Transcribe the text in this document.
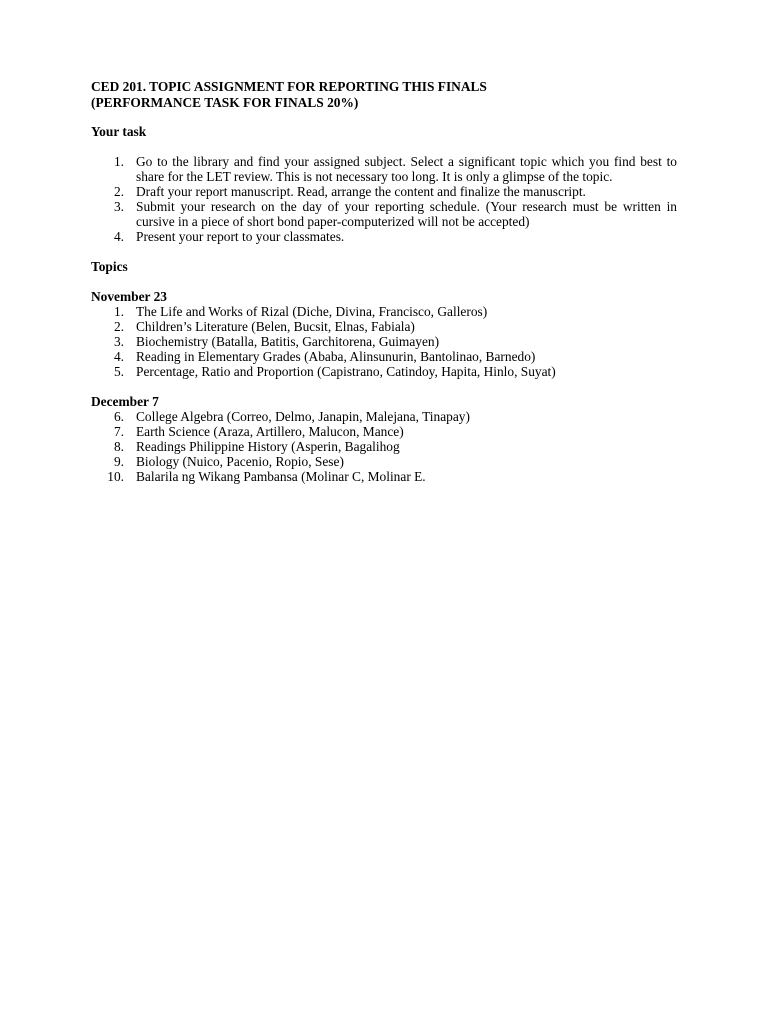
CED 201. TOPIC ASSIGNMENT FOR REPORTING THIS FINALS

(PERFORMANCE TASK FOR FINALS 20%)

Your task

1. Go to the library and find your assigned subject. Select a significant topic which you find best to share for the LET review. This is not necessary too long. It is only a glimpse of the topic.
2. Draft your report manuscript. Read, arrange the content and finalize the manuscript.
3. Submit your research on the day of your reporting schedule. (Your research must be written in cursive in a piece of short bond paper-computerized will not be accepted)
4. Present your report to your classmates.

Topics

November 23

1. The Life and Works of Rizal (Diche, Divina, Francisco, Galleros)
2. Children’s Literature (Belen, Bucsit, Elnas, Fabiala)
3. Biochemistry (Batalla, Batitis, Garchitorena, Guimayen)
4. Reading in Elementary Grades (Ababa, Alinsunurin, Bantolinao, Barnedo)
5. Percentage, Ratio and Proportion (Capistrano, Catindoy, Hapita, Hinlo, Suyat)

December 7

6. College Algebra (Correo, Delmo, Janapin, Malejana, Tinapay)
7. Earth Science (Araza, Artillero, Malucon, Mance)
8. Readings Philippine History (Asperin, Bagalihog
9. Biology (Nuico, Pacenio, Ropio, Sese)
10. Balarila ng Wikang Pambansa (Molinar C, Molinar E.
